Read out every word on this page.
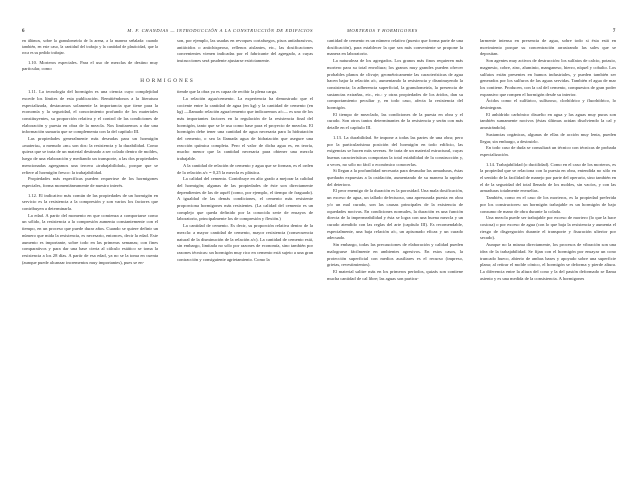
6	M. F. CHANDIAS — INTRODUCCIÓN A LA CONSTRUCCIÓN DE EDIFICIOS

en últimos, sobre la granulometría de la arena, a la manera señalada: cuando también, en este caso, la cantidad del trabajo y la cantidad de plasticidad, que la roca es su pedido trabajar.

1.10. Morteros especiales. Para el uso de mezclas de destino muy particular, como

son, por ejemplo, las usadas en revoques cortafuegos, pisos antiabrasivos, antiácidos o antichispeoso, rellenos aislantes, etc., las dosificaciones convenientes vienen indicadas por el fabricante del agregado, a cuyas instrucciones será prudente ajustarse estrictamente.

HORMIGONES

1.11. La tecnología del hormigón es una ciencia cuyo complejidad excede los límites de esta publicación. Remitiéndonos a la literatura especializada, destacamos solamente la importancia que tiene para la economía y la seguridad, el conocimiento profundo de los materiales constituyentes, su proporción relativa y el control de las condiciones de elaboración y puesta en obra de la mezcla. Nos limitaremos a dar una información sumaria que se complementa con la del capítulo III.

Las propiedades generalmente más deseadas para un hormigón «materia», a menudo «m» son dos: la resistencia y la durabilidad. Como quiera que se trata de un material destinado a ser colado dentro de moldes, luego de una elaboración y mediando un transporte, a las dos propiedades mencionadas agregamos una tercera «trabajabilidad», porque que se refiere al hormigón fresco: la trabajabilidad.

Propiedades más específicas pueden requerirse de los hormigones especiales, forma momentáneamente de nuestro interés.

1.12. El indicativo más común de las propiedades de un hormigón en servicio es la resistencia a la compresión y son varios los factores que contribuyen a determinarla.

La edad. A partir del momento en que comienza a comportarse como un sólido, la resistencia a la compresión aumenta constantemente con el tiempo, en un proceso que puede durar años. Cuando se quiere definir un número que mida la resistencia, es necesario, entonces, decir la edad. Este aumento es importante, sobre todo en las primeras semanas; con fines comparativos y para dar una base cierta al cálculo estático se toma la resistencia a los 28 días. A partir de esa edad, ya no se la toma en cuenta (aunque puede alcanzar incrementos muy importantes), pues se en-

tiende que la obra ya es capaz de recibir la plena carga.

La relación agua/cemento. La experiencia ha demostrado que el cociente entre la cantidad de agua (en kg) y la cantidad de cemento (en kg) —llamado relación agua/cemento que indicaremos a/c— es uno de los más importantes factores en la regulación de la resistencia final del hormigón, tanto que se le usa como base para el proyecto de mezclas. El hormigón debe tener una cantidad de agua necesaria para la hidratación del cemento, o sea la llamada agua de hidratación que asegure una reacción química completa. Pero el valor de dicha agua es, en teoría, mucho menor que la cantidad necesaria para obtener una mezcla trabajable.

A la cantidad de relación de cemento y agua que se forman, es el orden de la relación a/c = 0,25 la mezcla es plástica.

La calidad del cemento. Contribuye en alto grado a mejorar la calidad del hormigón; algunas de las propiedades de éste son directamente dependientes de las de aquél (como, por ejemplo, el tiempo de fraguado). A igualdad de las demás condiciones, el cemento más resistente proporciona hormigones más resistentes. (La calidad del cemento es un complejo que queda definido por la conocida serie de ensayos de laboratorio, principalmente los de compresión y flexión.)

La cantidad de cemento. Es decir, su proporción relativa dentro de la mezcla: a mayor cantidad de cemento, mayor resistencia (consecuencia natural de la disminución de la relación a/c). La cantidad de cemento está, sin embargo, limitada no sólo por razones de economía, sino también por razones técnicas: un hormigón muy rico en cemento está sujeto a una gran contracción y consiguiente agrietamiento. Como la

MORTEROS Y HORMIGONES	7

cantidad de cemento es un número relativo (puesto que forma parte de una dosificación), para establecer la que sea más conveniente se propone la manera en laboratorio.

La naturaleza de los agregados. Los granos más finos requieren más mortero para su total envoltura; los granos muy grandes pueden ofrecer probables planos de clivaje; geométricamente las características de agua hacen bajar la relación a/c, aumentando la resistencia y disminuyendo la consistencia; la adherencia superficial, la granulometría, la presencia de sustancias extrañas, etc., etc.: y otras propiedades de los áridos, dan su comportamiento peculiar y, en todo caso, afecta la resistencia del hormigón.

El tiempo de mezclado, las condiciones de la puesta en obra y el curado. Son otros tantos determinantes de la resistencia y serán con más detalle en el capítulo III.

1.13. La durabilidad. Se impone a todas las partes de una obra; pero por la particularísima posición del hormigón en todo edificio, las exigencias se hacen más severas. Se trata de un material estructural, cuyas buenas características comportan la total estabilidad de la construcción y, a veces, no sólo no fácil o económico conocerlas.

Si llegan a la profundidad necesaria para desnudar las armaduras, éstas quedarán expuestas a la oxidación, aumentando de su manera la rapidez del deterioro.

El peor enemigo de la duración es la porosidad. Una mala dosificación, un exceso de agua, un tallado defectuoso, una apresurada puesta en obra y/o un mal curado, son las causas principales de la existencia de oquedades nocivas. En condiciones normales, la duración es una función directa de la impermeabilidad y ésta se logra con una buena mezcla y un curado atendido con las reglas del arte (capítulo III). Es recomendable, especialmente, una baja relación a/c, un apisonado eficaz y un curado adecuado.

Sin embargo, todas las precauciones de elaboración y calidad pueden malograrse fácilmente en ambientes agresivos. En estos casos, la protección superficial con medios auxiliares es el recurso (impreso, grietas, revestimientos).

El material salitre más en los primeros períodos, quizás son contiene mucha cantidad de cal libre; las aguas son particu-

larmente intensa en presencia de agua, sobre todo si ésta está en movimiento porque su concentración arrastrando las sales que se depositan.

Son agentes muy activos de destrucción: los sulfatos de calcio, potasio, magnesio, cobre, zinc, aluminio, manganeso, hierro, níquel y cobalto. Los sulfatos están presentes en humos industriales, y pueden también ser generados por los sulfuros de las aguas servidas. También el agua de mar los contiene. Producen, con la cal del cemento, compuestos de gran poder expansivo que rompen el hormigón desde su interior.

Ácidos como el sulfúrico, sulfuroso, clorhídrico y fluorhídrico, lo desintegran.

El anhídrido carbónico disuelto en agua y las aguas muy puras son también sumamente nocivos (éstas últimas actúan disolviendo la cal y arrastrándola).

Sustancias orgánicas, algunas de ellas de acción muy lenta, pueden llegar, sin embargo, a destruirlo.

En todo caso de duda se consultará un técnico con técnicas de probada especialización.

1.14. Trabajabilidad (o ductilidad). Como en el caso de los morteros, es la propiedad que se relaciona con la puesta en obra, entendida no sólo en el sentido de la facilidad de manejo por parte del operario, sino también en el de la seguridad del total llenado de los moldes, sin vacíos, y con las armaduras totalmente envueltas.

También, como en el caso de los morteros, es la propiedad preferida por los constructores: un hormigón trabajable es un hormigón de bajo consumo de mano de obra durante la colada.

Una mezcla puede ser trabajable por exceso de mortero (lo que la hace costosa) o por exceso de agua (con lo que baja la resistencia y aumenta el riesgo de disgregación durante el transporte y fisuración ulterior por secado).

Aunque no la misma directamente, los procesos de vibración son una idea de la trabajabilidad. Se fijan con el hormigón por ensayar un cono truncado hueco, abierto de ambas bases y apoyado sobre una superficie plana; al retirar el molde cónico, el hormigón se deforma y pierde altura. La diferencia entre la altura del cono y la del pastón deformado se llama asiento y es una medida de la consistencia. A hormigones
